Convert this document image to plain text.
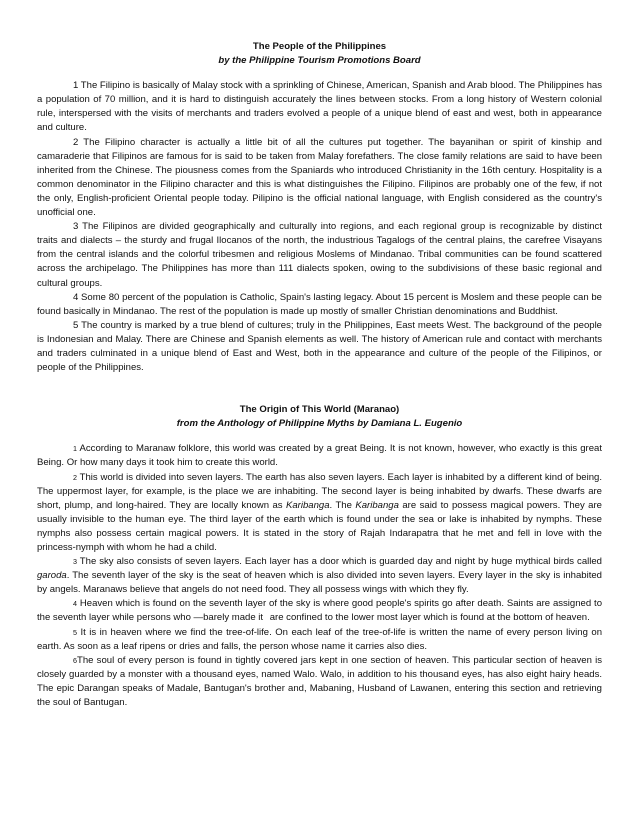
The People of the Philippines

by the Philippine Tourism Promotions Board

1 The Filipino is basically of Malay stock with a sprinkling of Chinese, American, Spanish and Arab blood. The Philippines has a population of 70 million, and it is hard to distinguish accurately the lines between stocks. From a long history of Western colonial rule, interspersed with the visits of merchants and traders evolved a people of a unique blend of east and west, both in appearance and culture.

2 The Filipino character is actually a little bit of all the cultures put together. The bayanihan or spirit of kinship and camaraderie that Filipinos are famous for is said to be taken from Malay forefathers. The close family relations are said to have been inherited from the Chinese. The piousness comes from the Spaniards who introduced Christianity in the 16th century. Hospitality is a common denominator in the Filipino character and this is what distinguishes the Filipino. Filipinos are probably one of the few, if not the only, English-proficient Oriental people today. Pilipino is the official national language, with English considered as the country's unofficial one.

3 The Filipinos are divided geographically and culturally into regions, and each regional group is recognizable by distinct traits and dialects – the sturdy and frugal Ilocanos of the north, the industrious Tagalogs of the central plains, the carefree Visayans from the central islands and the colorful tribesmen and religious Moslems of Mindanao. Tribal communities can be found scattered across the archipelago. The Philippines has more than 111 dialects spoken, owing to the subdivisions of these basic regional and cultural groups.

4 Some 80 percent of the population is Catholic, Spain's lasting legacy. About 15 percent is Moslem and these people can be found basically in Mindanao. The rest of the population is made up mostly of smaller Christian denominations and Buddhist.

5 The country is marked by a true blend of cultures; truly in the Philippines, East meets West. The background of the people is Indonesian and Malay. There are Chinese and Spanish elements as well. The history of American rule and contact with merchants and traders culminated in a unique blend of East and West, both in the appearance and culture of the people of the Filipinos, or people of the Philippines.

The Origin of This World (Maranao)

from the Anthology of Philippine Myths by Damiana L. Eugenio

1 According to Maranaw folklore, this world was created by a great Being. It is not known, however, who exactly is this great Being. Or how many days it took him to create this world.

2 This world is divided into seven layers. The earth has also seven layers. Each layer is inhabited by a different kind of being. The uppermost layer, for example, is the place we are inhabiting. The second layer is being inhabited by dwarfs. These dwarfs are short, plump, and long-haired. They are locally known as Karibanga. The Karibanga are said to possess magical powers. They are usually invisible to the human eye. The third layer of the earth which is found under the sea or lake is inhabited by nymphs. These nymphs also possess certain magical powers. It is stated in the story of Rajah Indarapatra that he met and fell in love with the princess-nymph with whom he had a child.

3 The sky also consists of seven layers. Each layer has a door which is guarded day and night by huge mythical birds called garoda. The seventh layer of the sky is the seat of heaven which is also divided into seven layers. Every layer in the sky is inhabited by angels. Maranaws believe that angels do not need food. They all possess wings with which they fly.

4 Heaven which is found on the seventh layer of the sky is where good people's spirits go after death. Saints are assigned to the seventh layer while persons who —barely made it are confined to the lower most layer which is found at the bottom of heaven.

5 It is in heaven where we find the tree-of-life. On each leaf of the tree-of-life is written the name of every person living on earth. As soon as a leaf ripens or dries and falls, the person whose name it carries also dies.

6The soul of every person is found in tightly covered jars kept in one section of heaven. This particular section of heaven is closely guarded by a monster with a thousand eyes, named Walo. Walo, in addition to his thousand eyes, has also eight hairy heads. The epic Darangan speaks of Madale, Bantugan's brother and, Mabaning, Husband of Lawanen, entering this section and retrieving the soul of Bantugan.
